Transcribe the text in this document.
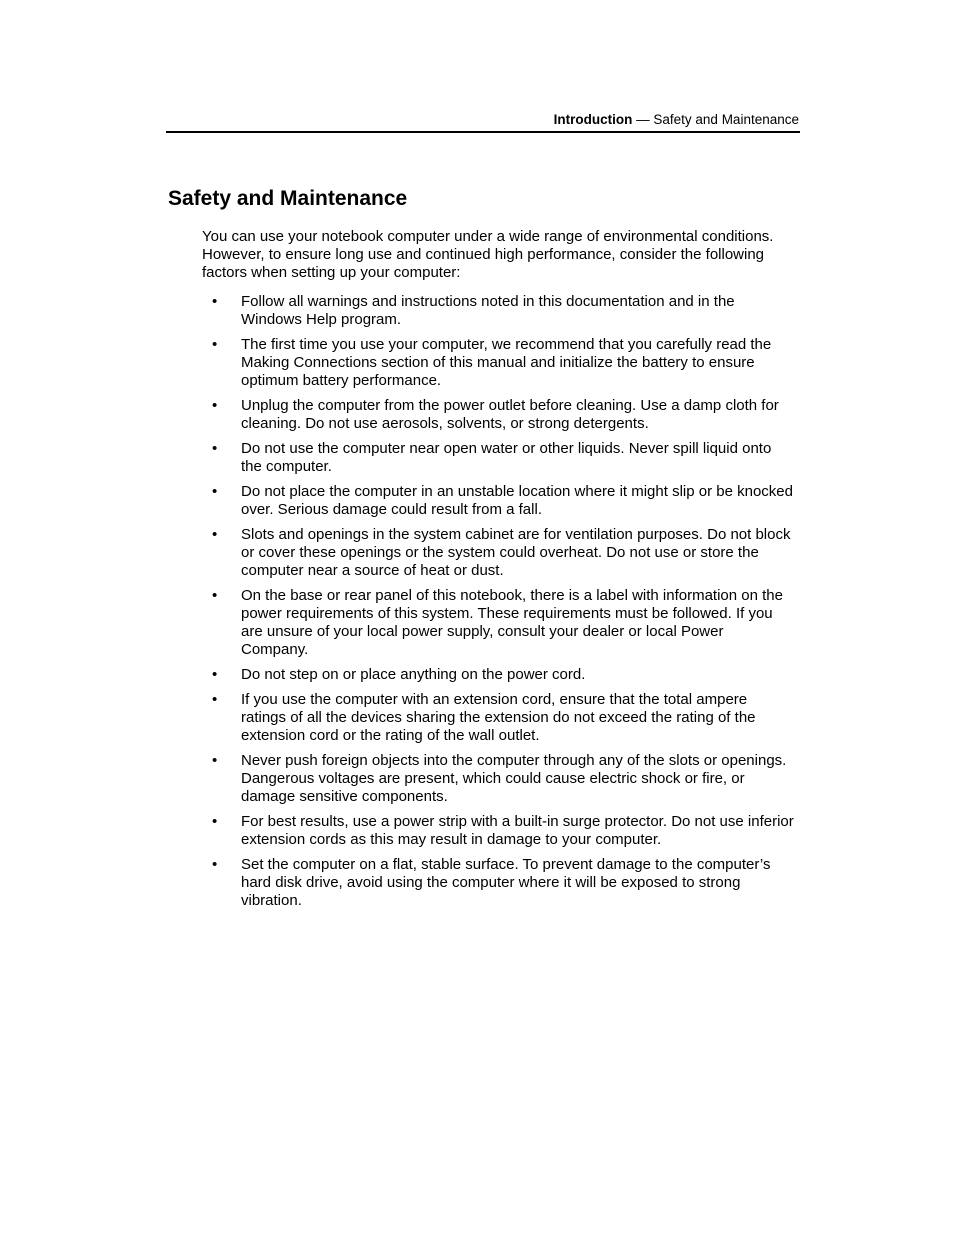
Introduction — Safety and Maintenance
Safety and Maintenance

You can use your notebook computer under a wide range of environmental conditions. However, to ensure long use and continued high performance, consider the following factors when setting up your computer:

• Follow all warnings and instructions noted in this documentation and in the Windows Help program.
• The first time you use your computer, we recommend that you carefully read the Making Connections section of this manual and initialize the battery to ensure optimum battery performance.
• Unplug the computer from the power outlet before cleaning. Use a damp cloth for cleaning. Do not use aerosols, solvents, or strong detergents.
• Do not use the computer near open water or other liquids. Never spill liquid onto the computer.
• Do not place the computer in an unstable location where it might slip or be knocked over. Serious damage could result from a fall.
• Slots and openings in the system cabinet are for ventilation purposes. Do not block or cover these openings or the system could overheat. Do not use or store the computer near a source of heat or dust.
• On the base or rear panel of this notebook, there is a label with information on the power requirements of this system. These requirements must be followed. If you are unsure of your local power supply, consult your dealer or local Power Company.
• Do not step on or place anything on the power cord.
• If you use the computer with an extension cord, ensure that the total ampere ratings of all the devices sharing the extension do not exceed the rating of the extension cord or the rating of the wall outlet.
• Never push foreign objects into the computer through any of the slots or openings. Dangerous voltages are present, which could cause electric shock or fire, or damage sensitive components.
• For best results, use a power strip with a built-in surge protector. Do not use inferior extension cords as this may result in damage to your computer.
• Set the computer on a flat, stable surface. To prevent damage to the computer’s hard disk drive, avoid using the computer where it will be exposed to strong vibration.
